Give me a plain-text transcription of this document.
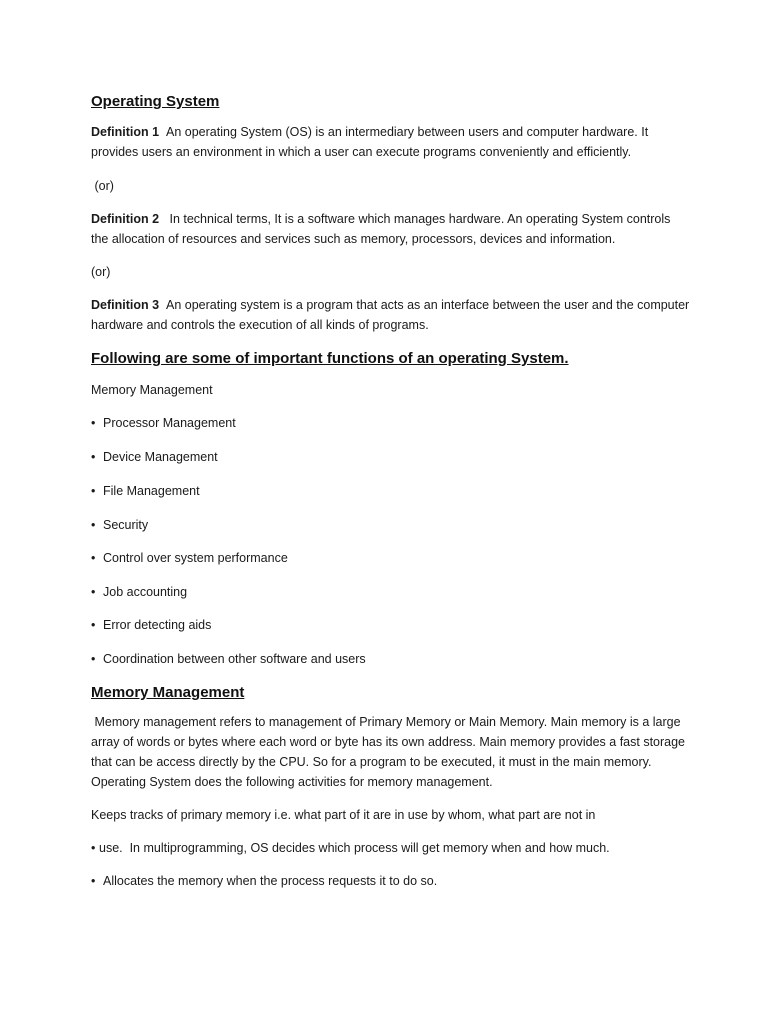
Operating System

Definition 1 An operating System (OS) is an intermediary between users and computer hardware. It provides users an environment in which a user can execute programs conveniently and efficiently.

(or)

Definition 2 In technical terms, It is a software which manages hardware. An operating System controls the allocation of resources and services such as memory, processors, devices and information.

(or)

Definition 3 An operating system is a program that acts as an interface between the user and the computer hardware and controls the execution of all kinds of programs.

Following are some of important functions of an operating System.

Memory Management

• Processor Management
• Device Management
• File Management
• Security
• Control over system performance
• Job accounting
• Error detecting aids
• Coordination between other software and users
Memory Management

Memory management refers to management of Primary Memory or Main Memory. Main memory is a large array of words or bytes where each word or byte has its own address. Main memory provides a fast storage that can be access directly by the CPU. So for a program to be executed, it must in the main memory. Operating System does the following activities for memory management.

Keeps tracks of primary memory i.e. what part of it are in use by whom, what part are not in

• use.  In multiprogramming, OS decides which process will get memory when and how much.
• Allocates the memory when the process requests it to do so.
